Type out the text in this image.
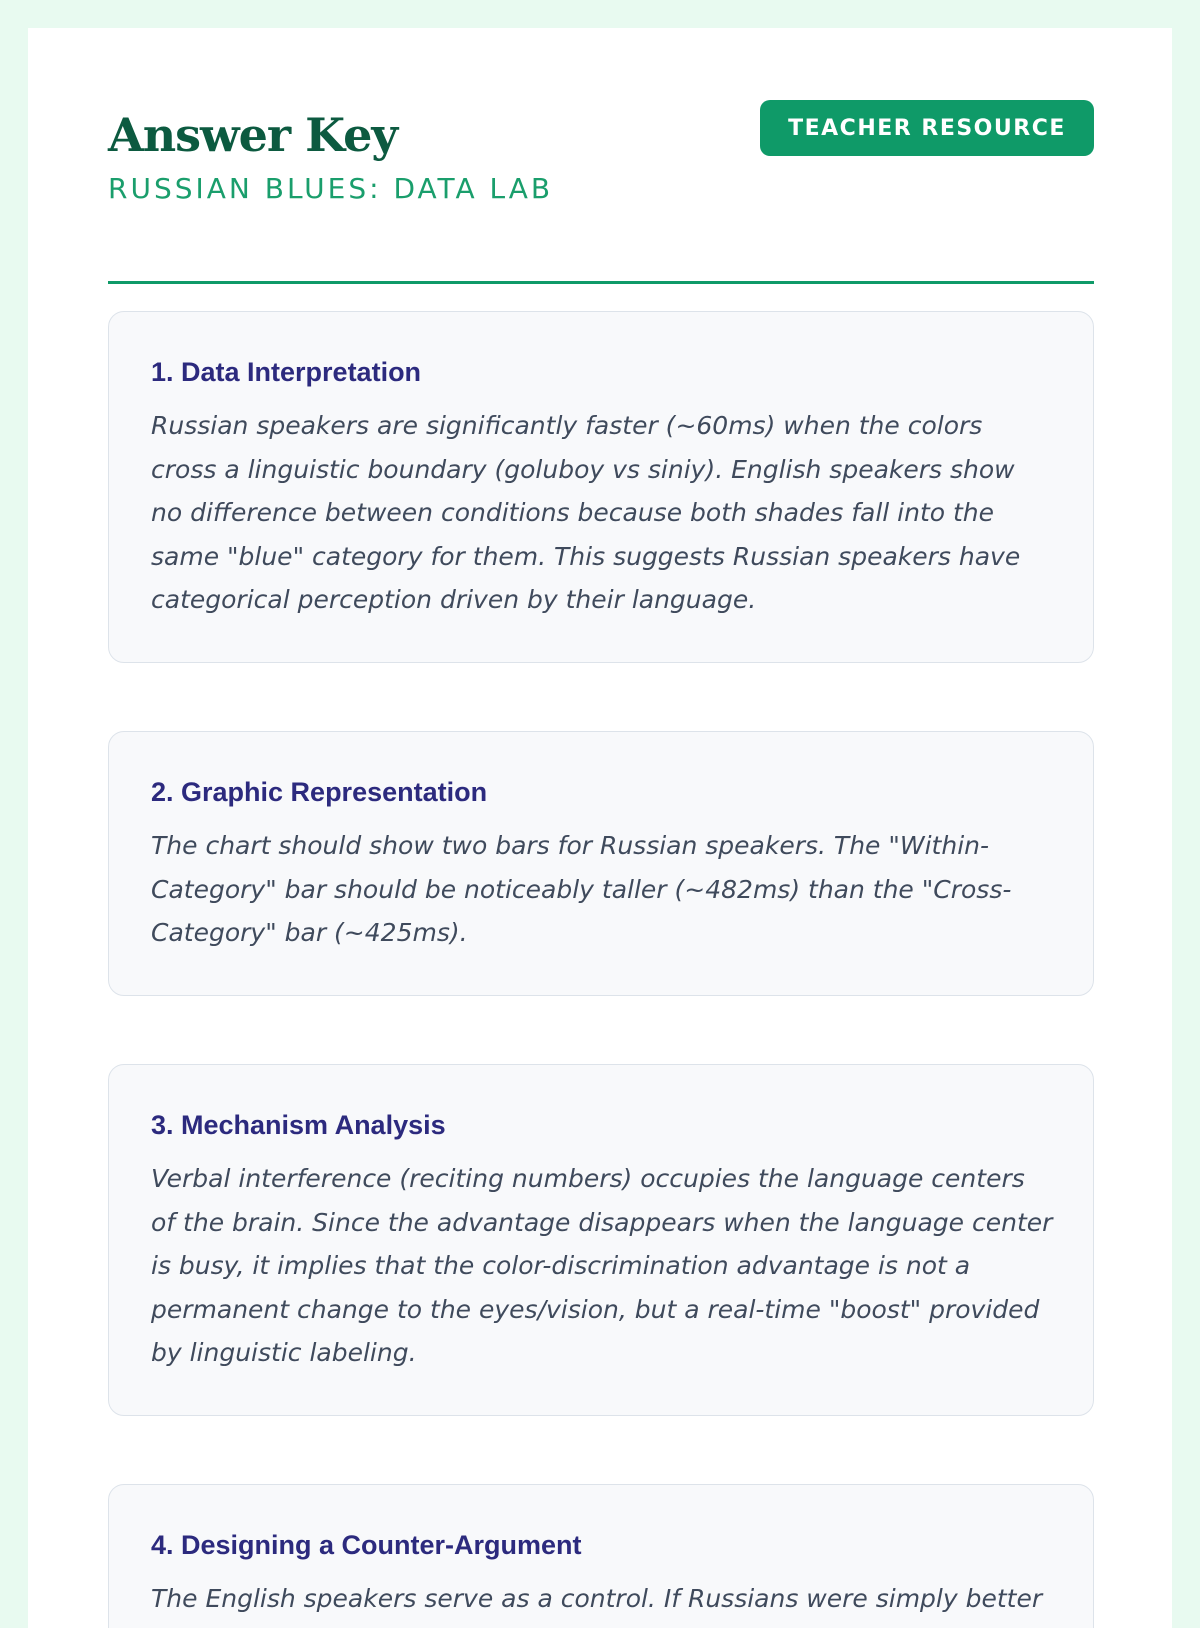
Answer Key
RUSSIAN BLUES: DATA LAB
TEACHER RESOURCE
1. Data Interpretation

Russian speakers are significantly faster (~60ms) when the colors cross a linguistic boundary (goluboy vs siniy). English speakers show no difference between conditions because both shades fall into the same "blue" category for them. This suggests Russian speakers have categorical perception driven by their language.

2. Graphic Representation

The chart should show two bars for Russian speakers. The "Within-Category" bar should be noticeably taller (~482ms) than the "Cross-Category" bar (~425ms).

3. Mechanism Analysis

Verbal interference (reciting numbers) occupies the language centers of the brain. Since the advantage disappears when the language center is busy, it implies that the color-discrimination advantage is not a permanent change to the eyes/vision, but a real-time "boost" provided by linguistic labeling.

4. Designing a Counter-Argument

The English speakers serve as a control. If Russians were simply better
